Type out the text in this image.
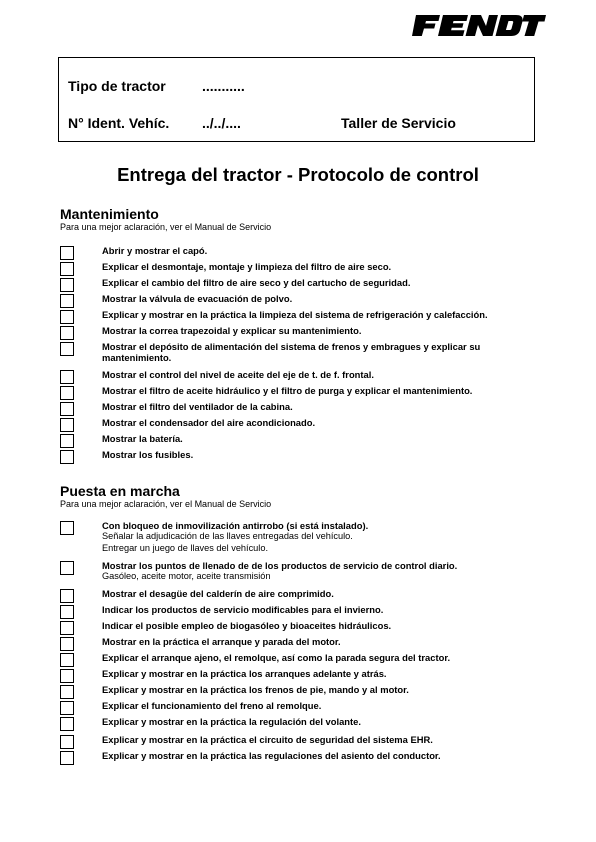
Tipo de tractor	...........
N° Ident. Vehíc. ../../....	Taller de Servicio
Entrega del tractor - Protocolo de control
Mantenimiento

Para una mejor aclaración, ver el Manual de Servicio

Abrir y mostrar el capó.
Explicar el desmontaje, montaje y limpieza del filtro de aire seco.
Explicar el cambio del filtro de aire seco y del cartucho de seguridad.
Mostrar la válvula de evacuación de polvo.
Explicar y mostrar en la práctica la limpieza del sistema de refrigeración y calefacción.
Mostrar la correa trapezoidal y explicar su mantenimiento.
Mostrar el depósito de alimentación del sistema de frenos y embragues y explicar su mantenimiento.
Mostrar el control del nivel de aceite del eje de t. de f. frontal.
Mostrar el filtro de aceite hidráulico y el filtro de purga y explicar el mantenimiento.
Mostrar el filtro del ventilador de la cabina.
Mostrar el condensador del aire acondicionado.
Mostrar la batería.
Mostrar los fusibles.
Puesta en marcha

Para una mejor aclaración, ver el Manual de Servicio

Con bloqueo de inmovilización antirrobo (si está instalado).
Señalar la adjudicación de las llaves entregadas del vehículo.
Entregar un juego de llaves del vehículo.
Mostrar los puntos de llenado de de los productos de servicio de control diario.
Gasóleo, aceite motor, aceite transmisión
Mostrar el desagüe del calderín de aire comprimido.
Indicar los productos de servicio modificables para el invierno.
Indicar el posible empleo de biogasóleo y bioaceites hidráulicos.
Mostrar en la práctica el arranque y parada del motor.
Explicar el arranque ajeno, el remolque, así como la parada segura del tractor.
Explicar y mostrar en la práctica los arranques adelante y atrás.
Explicar y mostrar en la práctica los frenos de pie, mando y al motor.
Explicar el funcionamiento del freno al remolque.
Explicar y mostrar en la práctica la regulación del volante.
Explicar y mostrar en la práctica el circuito de seguridad del sistema EHR.
Explicar y mostrar en la práctica las regulaciones del asiento del conductor.
